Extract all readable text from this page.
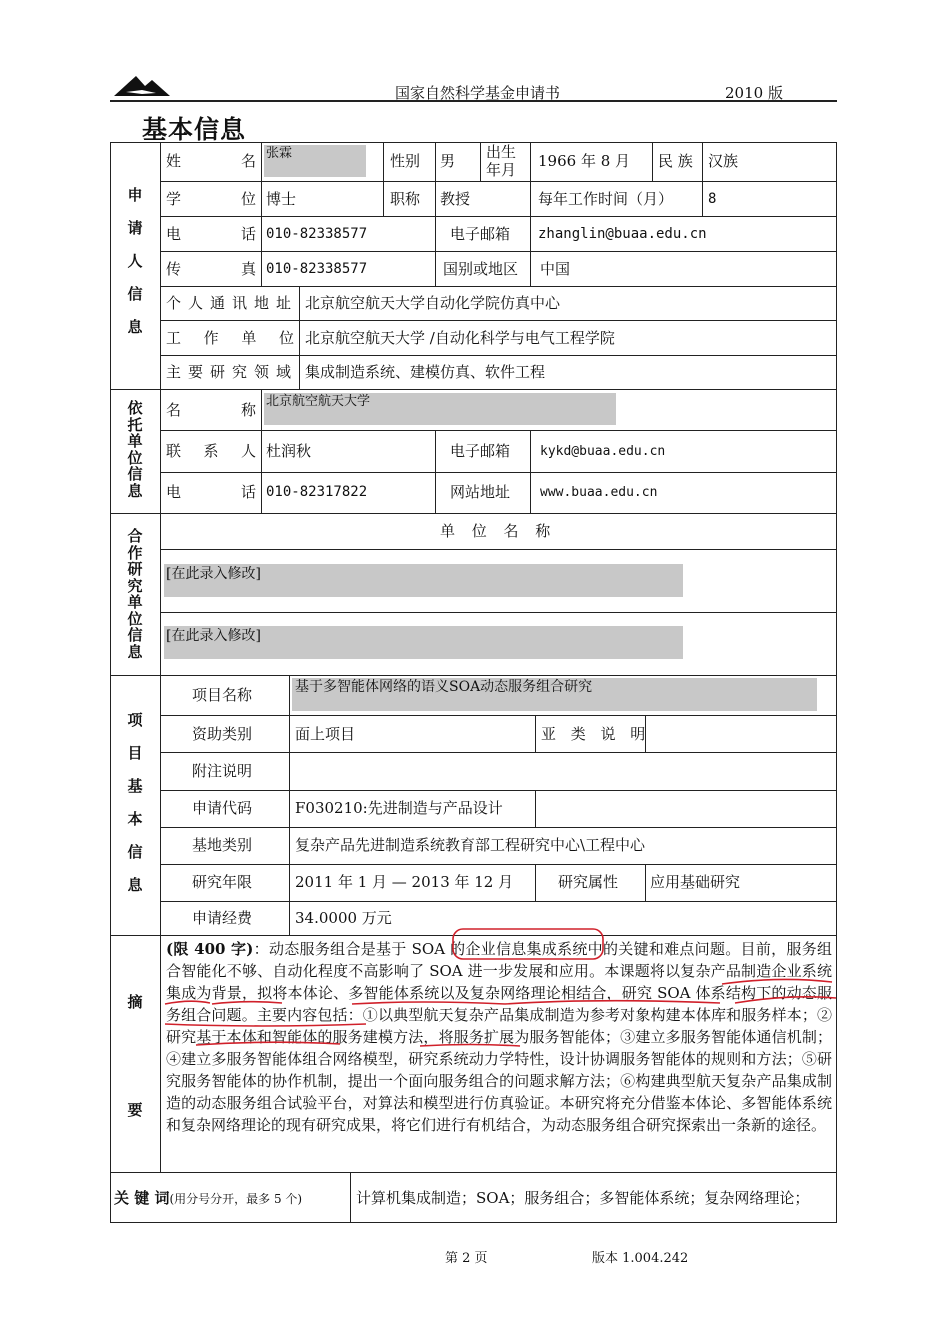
国家自然科学基金申请书	2010 版
基本信息
申
请
人
信
息
姓	名 张霖	性别 男 出生年月	1966 年 8 月 民 族 汉族
学	位 博士	职称 教授	每年工作时间（月） 8
电	话 010-82338577	电子邮箱 zhanglin@buaa.edu.cn
传	真 010-82338577	国别或地区 中国
个人通讯地址 北京航空航天大学自动化学院仿真中心
工 作 单 位 北京航空航天大学 /自动化科学与电气工程学院
主要研究领域 集成制造系统、建模仿真、软件工程
依
托
单
位
信
息
名	称 北京航空航天大学
联 系 人 杜润秋	电子邮箱 kykd@buaa.edu.cn
电	话 010-82317822	网站地址 www.buaa.edu.cn
合
作
研
究
单
位
信
息
单 位 名 称
[在此录入修改]
[在此录入修改]
项
目
基
本
信
息
项目名称	基于多智能体网络的语义SOA动态服务组合研究
资助类别	面上项目	亚 类 说 明
附注说明
申请代码	F030210:先进制造与产品设计
基地类别	复杂产品先进制造系统教育部工程研究中心\工程中心
研究年限	2011 年 1 月 — 2013 年 12 月	研究属性 应用基础研究
申请经费	34.0000 万元
摘
要
(限 400 字)：动态服务组合是基于 SOA 的企业信息集成系统中的关键和难点问题。目前，服务组合智能化不够、自动化程度不高影响了 SOA 进一步发展和应用。本课题将以复杂产品制造企业系统集成为背景，拟将本体论、多智能体系统以及复杂网络理论相结合，研究 SOA 体系结构下的动态服务组合问题。主要内容包括：①以典型航天复杂产品集成制造为参考对象构建本体库和服务样本；②研究基于本体和智能体的服务建模方法，将服务扩展为服务智能体；③建立多服务智能体通信机制；④建立多服务智能体组合网络模型，研究系统动力学特性，设计协调服务智能体的规则和方法；⑤研究服务智能体的协作机制，提出一个面向服务组合的问题求解方法；⑥构建典型航天复杂产品集成制造的动态服务组合试验平台，对算法和模型进行仿真验证。本研究将充分借鉴本体论、多智能体系统和复杂网络理论的现有研究成果，将它们进行有机结合，为动态服务组合研究探索出一条新的途径。
关 键 词(用分号分开，最多 5 个)	计算机集成制造；SOA；服务组合；多智能体系统；复杂网络理论；
第 2 页	版本 1.004.242
